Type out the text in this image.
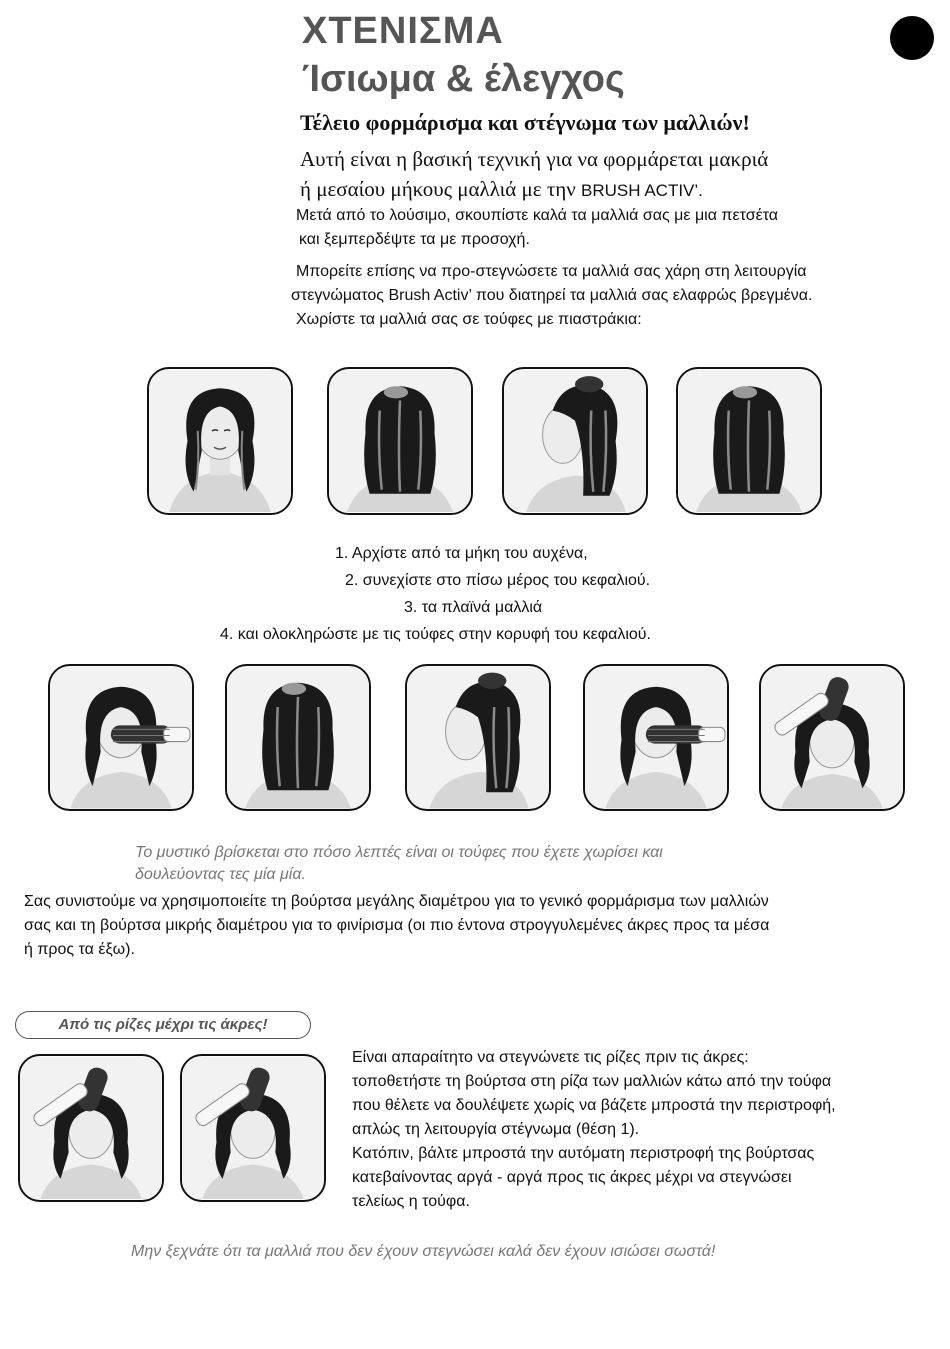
ΧΤΕΝΙΣΜΑ
Ίσιωμα & έλεγχος
Τέλειο φορμάρισμα και στέγνωμα των μαλλιών!
Αυτή είναι η βασική τεχνική για να φορμάρεται μακριά
ή μεσαίου μήκους μαλλιά με την BRUSH ACTIV’.
Μετά από το λούσιμο, σκουπίστε καλά τα μαλλιά σας με μια πετσέτα
και ξεμπερδέψτε τα με προσοχή.
Μπορείτε επίσης να προ-στεγνώσετε τα μαλλιά σας χάρη στη λειτουργία
στεγνώματος Brush Activ’ που διατηρεί τα μαλλιά σας ελαφρώς βρεγμένα.
Χωρίστε τα μαλλιά σας σε τούφες με πιαστράκια:
1. Αρχίστε από τα μήκη του αυχένα,
2. συνεχίστε στο πίσω μέρος του κεφαλιού.
3. τα πλαϊνά μαλλιά
4. και ολοκληρώστε με τις τούφες στην κορυφή του κεφαλιού.
Το μυστικό βρίσκεται στο πόσο λεπτές είναι οι τούφες που έχετε χωρίσει και
δουλεύοντας τες μία μία.
Σας συνιστούμε να χρησιμοποιείτε τη βούρτσα μεγάλης διαμέτρου για το γενικό φορμάρισμα των μαλλιών
σας και τη βούρτσα μικρής διαμέτρου για το φινίρισμα (οι πιο έντονα στρογγυλεμένες άκρες προς τα μέσα
ή προς τα έξω).
Από τις ρίζες μέχρι τις άκρες!
Είναι απαραίτητο να στεγνώνετε τις ρίζες πριν τις άκρες:
τοποθετήστε τη βούρτσα στη ρίζα των μαλλιών κάτω από την τούφα
που θέλετε να δουλέψετε χωρίς να βάζετε μπροστά την περιστροφή,
απλώς τη λειτουργία στέγνωμα (θέση 1).
Κατόπιν, βάλτε μπροστά την αυτόματη περιστροφή της βούρτσας
κατεβαίνοντας αργά - αργά προς τις άκρες μέχρι να στεγνώσει
τελείως η τούφα.
Μην ξεχνάτε ότι τα μαλλιά που δεν έχουν στεγνώσει καλά δεν έχουν ισιώσει σωστά!
